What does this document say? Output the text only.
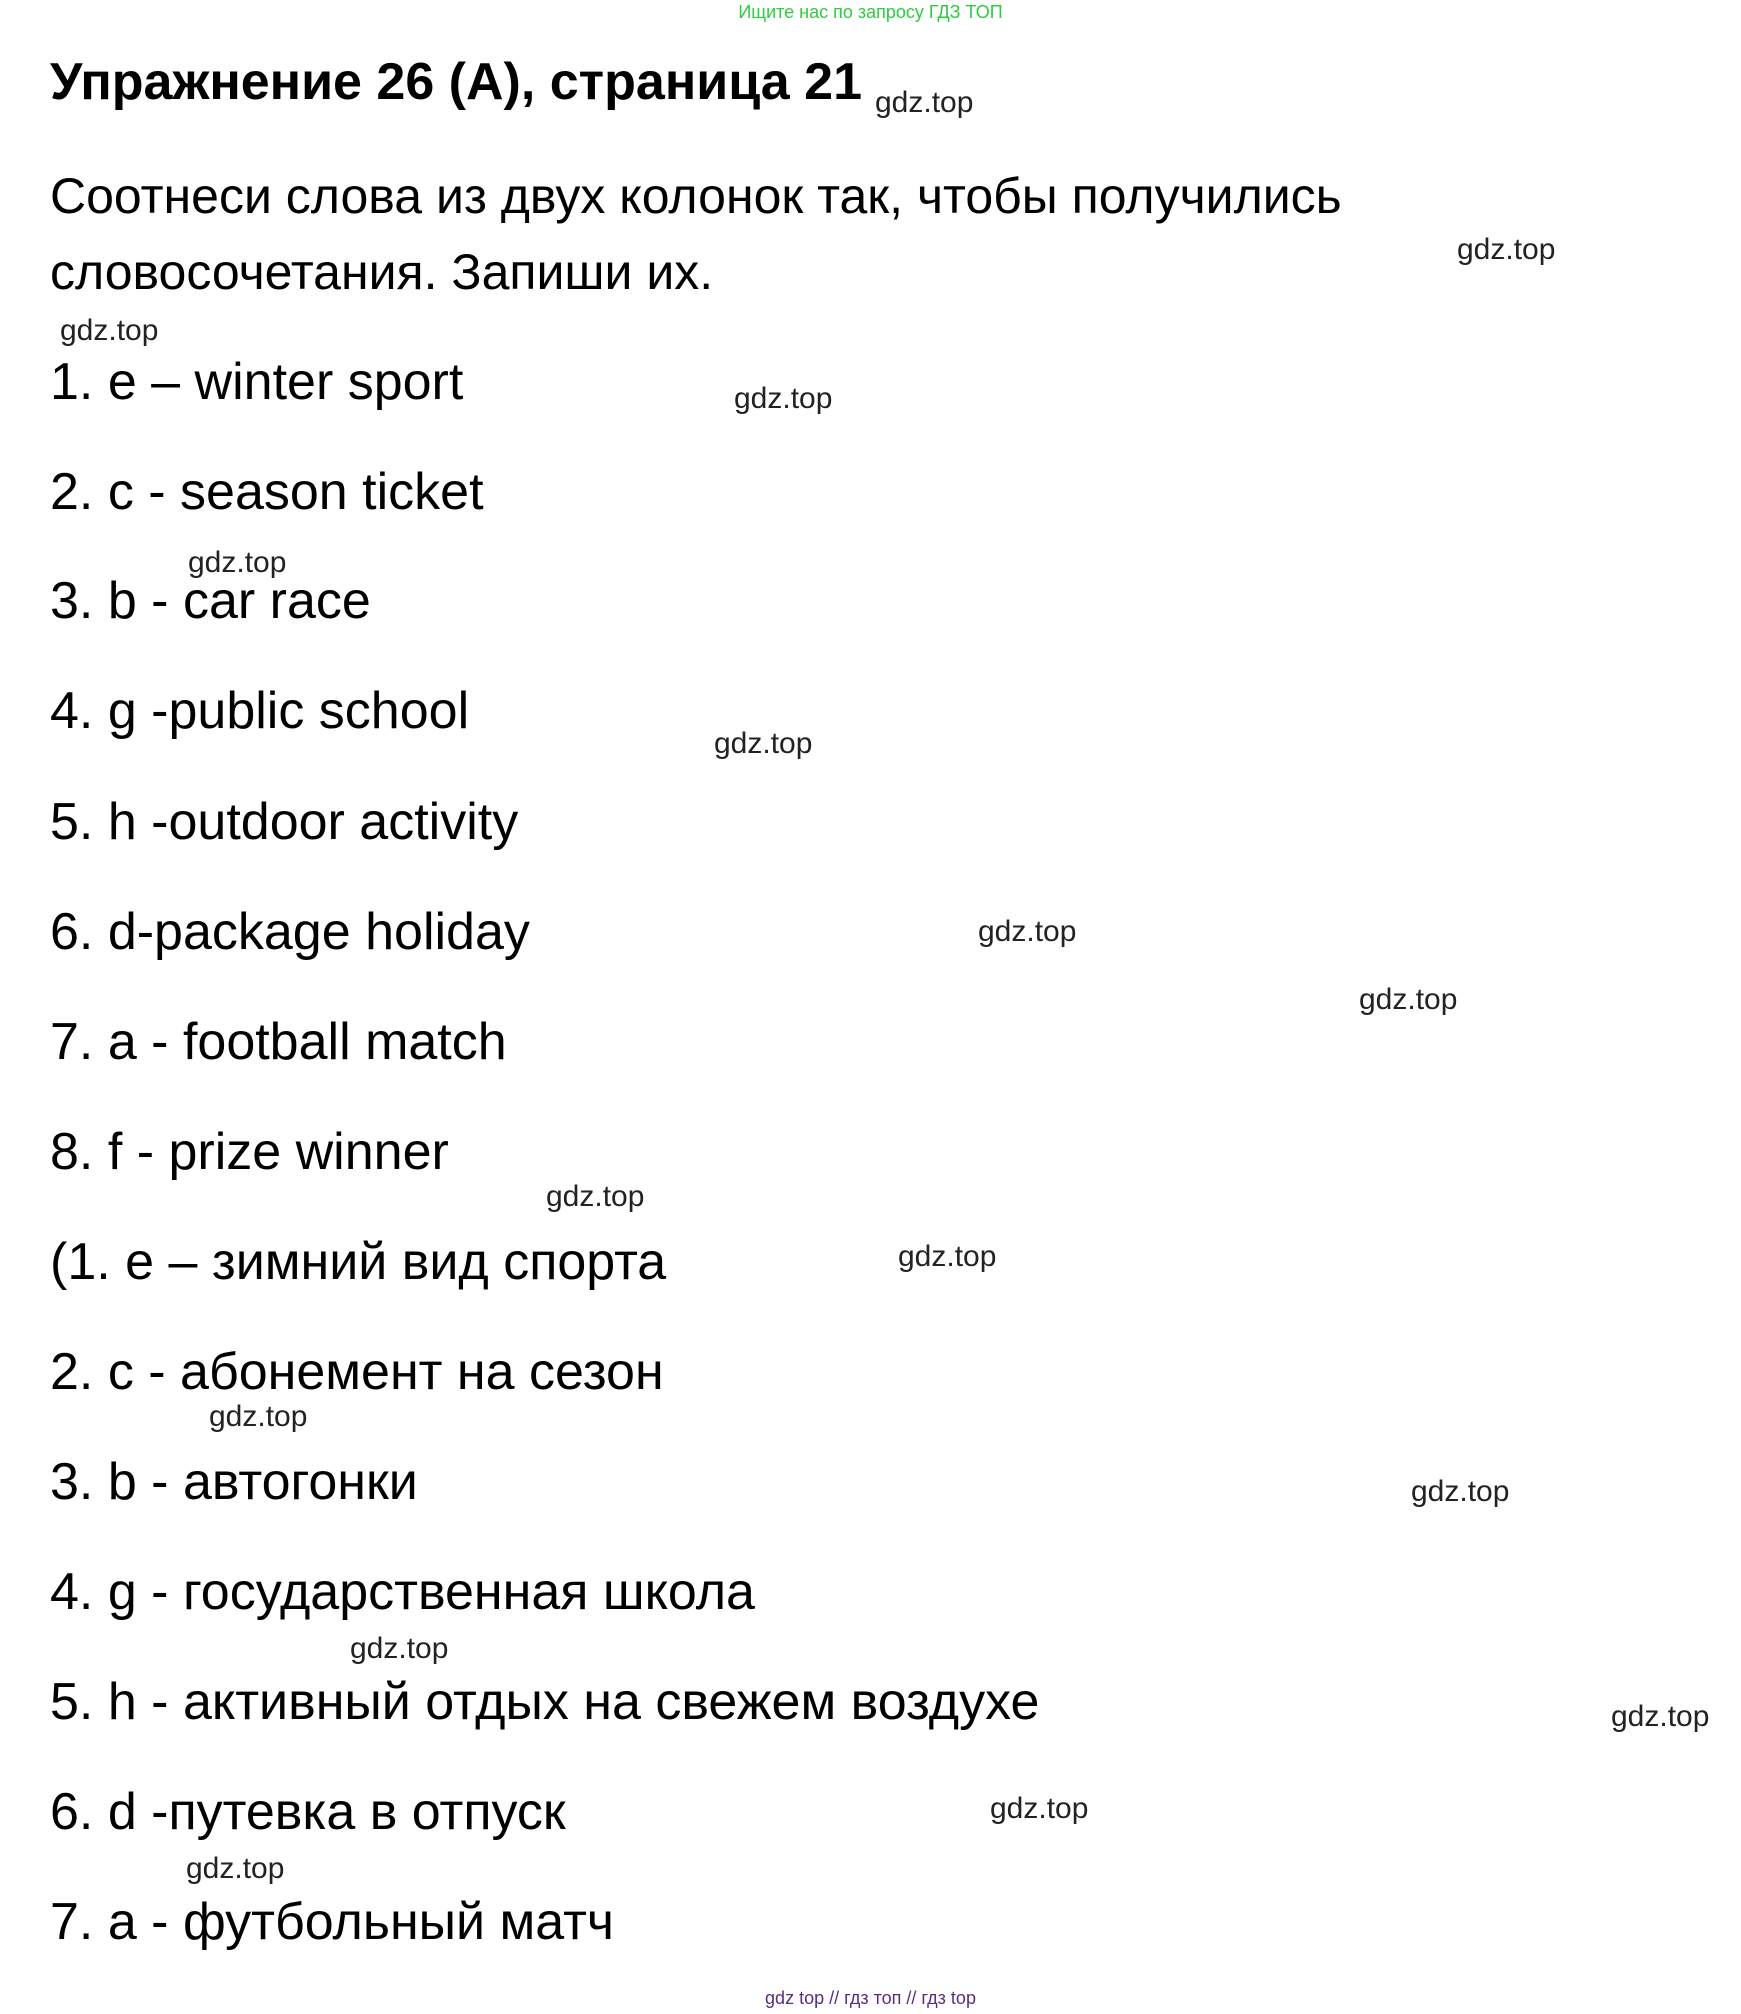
Ищите нас по запросу ГДЗ ТОП
Упражнение 26 (А), страница 21
Соотнеси слова из двух колонок так, чтобы получились словосочетания. Запиши их.
1. e – winter sport
2. c - season ticket
3. b - car race
4. g -public school
5. h -outdoor activity
6. d-package holiday
7. a - football match
8. f - prize winner
(1. e – зимний вид спорта
2. c - абонемент на сезон
3. b - автогонки
4. g - государственная школа
5. h - активный отдых на свежем воздухе
6. d -путевка в отпуск
7. a - футбольный матч
gdz.top
gdz.top
gdz.top
gdz.top
gdz.top
gdz.top
gdz.top
gdz.top
gdz.top
gdz.top
gdz.top
gdz.top
gdz.top
gdz.top
gdz.top
gdz.top
gdz top // гдз топ // гдз top
